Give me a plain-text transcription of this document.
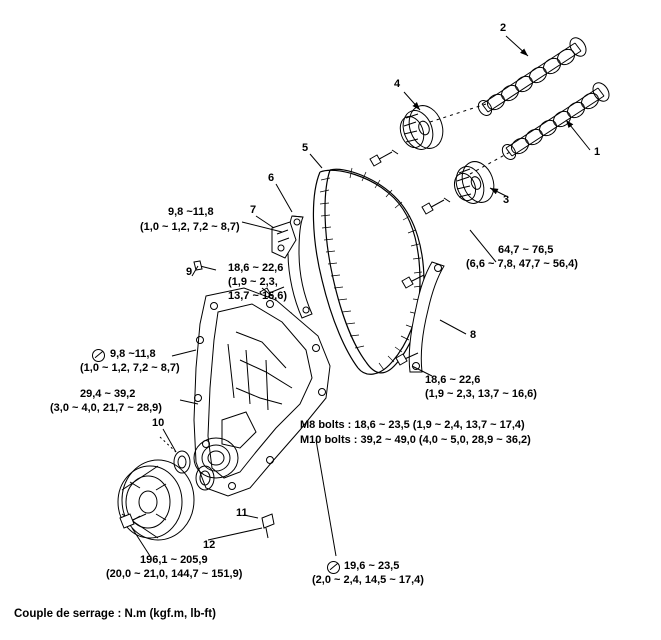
1
2
3
4
5
6
7
8
9
10
11
12
9,8 ~11,8
(1,0 ~ 1,2, 7,2 ~ 8,7)
18,6 ~ 22,6
(1,9 ~ 2,3,
13,7 ~ 16,6)
64,7 ~ 76,5
(6,6 ~ 7,8, 47,7 ~ 56,4)
18,6 ~ 22,6
(1,9 ~ 2,3, 13,7 ~ 16,6)
9,8 ~11,8
(1,0 ~ 1,2, 7,2 ~ 8,7)
29,4 ~ 39,2
(3,0 ~ 4,0, 21,7 ~ 28,9)
196,1 ~ 205,9
(20,0 ~ 21,0, 144,7 ~ 151,9)
19,6 ~ 23,5
(2,0 ~ 2,4, 14,5 ~ 17,4)
M8 bolts : 18,6 ~ 23,5 (1,9 ~ 2,4, 13,7 ~ 17,4)
M10 bolts : 39,2 ~ 49,0 (4,0 ~ 5,0, 28,9 ~ 36,2)
Couple de serrage : N.m (kgf.m, lb-ft)
